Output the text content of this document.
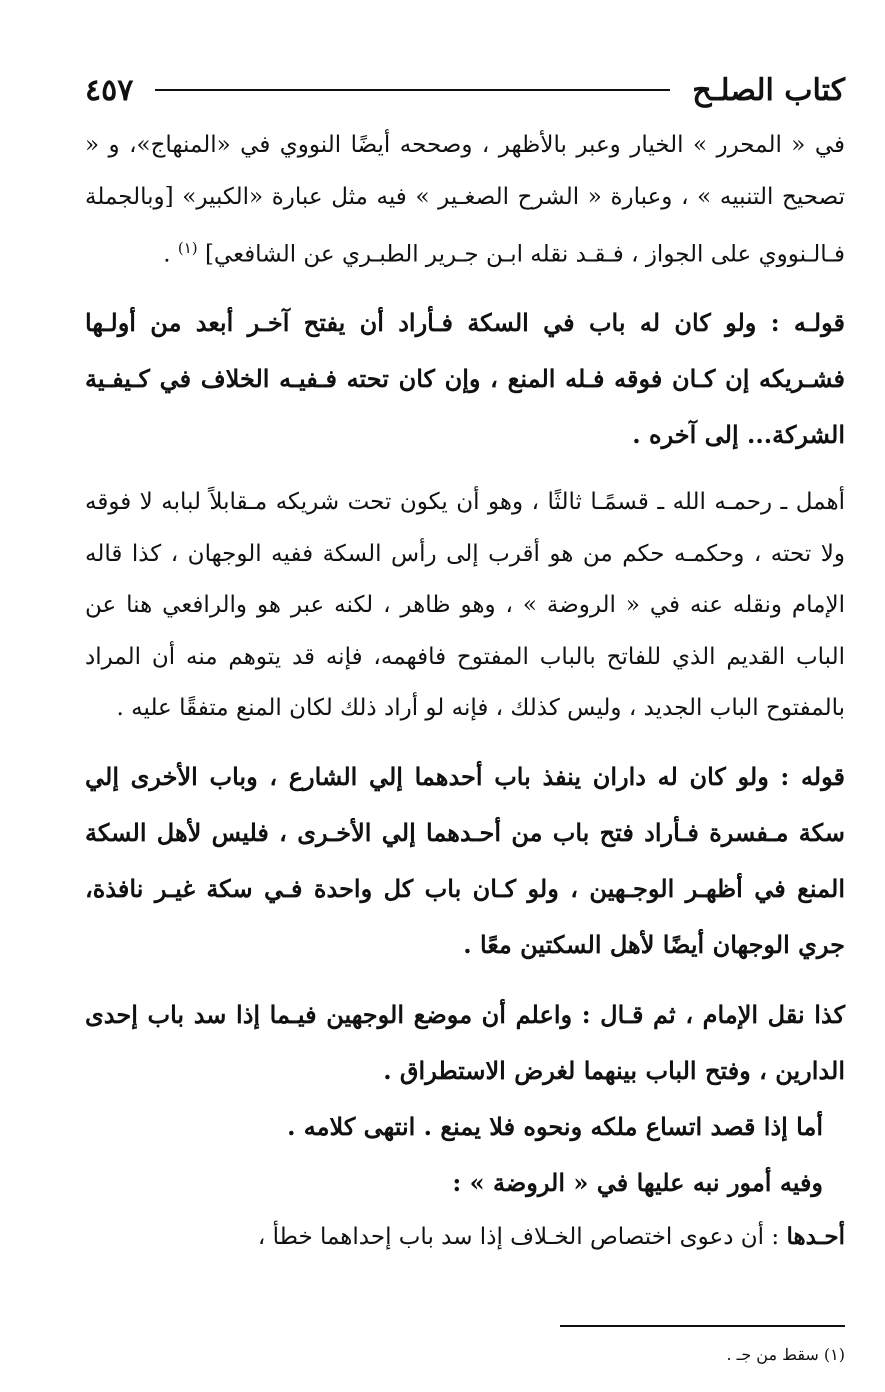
كتاب الصلـح
٤٥٧

في « المحرر » الخيار وعبر بالأظهر ، وصححه أيضًا النووي في «المنهاج»، و « تصحيح التنبيه » ، وعبارة « الشرح الصغـير » فيه مثل عبارة «الكبير» [وبالجملة فـالـنووي على الجواز ، فـقـد نقله ابـن جـرير الطبـري عن الشافعي] $^{(١)}$ .

قولـه : ولو كان له باب في السكة فـأراد أن يفتح آخـر أبعد من أولـها فشـريكه إن كـان فوقه فـله المنع ، وإن كان تحته فـفيـه الخلاف في كـيفـية الشركة... إلى آخره .

أهمل ـ رحمـه الله ـ قسمًـا ثالثًا ، وهو أن يكون تحت شريكه مـقابلاً لبابه لا فوقه ولا تحته ، وحكمـه حكم من هو أقرب إلى رأس السكة ففيه الوجهان ، كذا قاله الإمام ونقله عنه في « الروضة » ، وهو ظاهر ، لكنه عبر هو والرافعي هنا عن الباب القديم الذي للفاتح بالباب المفتوح فافهمه، فإنه قد يتوهم منه أن المراد بالمفتوح الباب الجديد ، وليس كذلك ، فإنه لو أراد ذلك لكان المنع متفقًا عليه .

قوله : ولو كان له داران ينفذ باب أحدهما إلي الشارع ، وباب الأخرى إلي سكة مـفسرة فـأراد فتح باب من أحـدهما إلي الأخـرى ، فليس لأهل السكة المنع في أظهـر الوجـهين ، ولو كـان باب كل واحدة فـي سكة غيـر نافذة، جري الوجهان أيضًا لأهل السكتين معًا .

كذا نقل الإمام ، ثم قـال : واعلم أن موضع الوجهين فيـما إذا سد باب إحدى الدارين ، وفتح الباب بينهما لغرض الاستطراق .

أما إذا قصد اتساع ملكه ونحوه فلا يمنع . انتهى كلامه .

وفيه أمور نبه عليها في « الروضة » :

أحـدها : أن دعوى اختصاص الخـلاف إذا سد باب إحداهما خطأ ،

(١) سقط من جـ .
